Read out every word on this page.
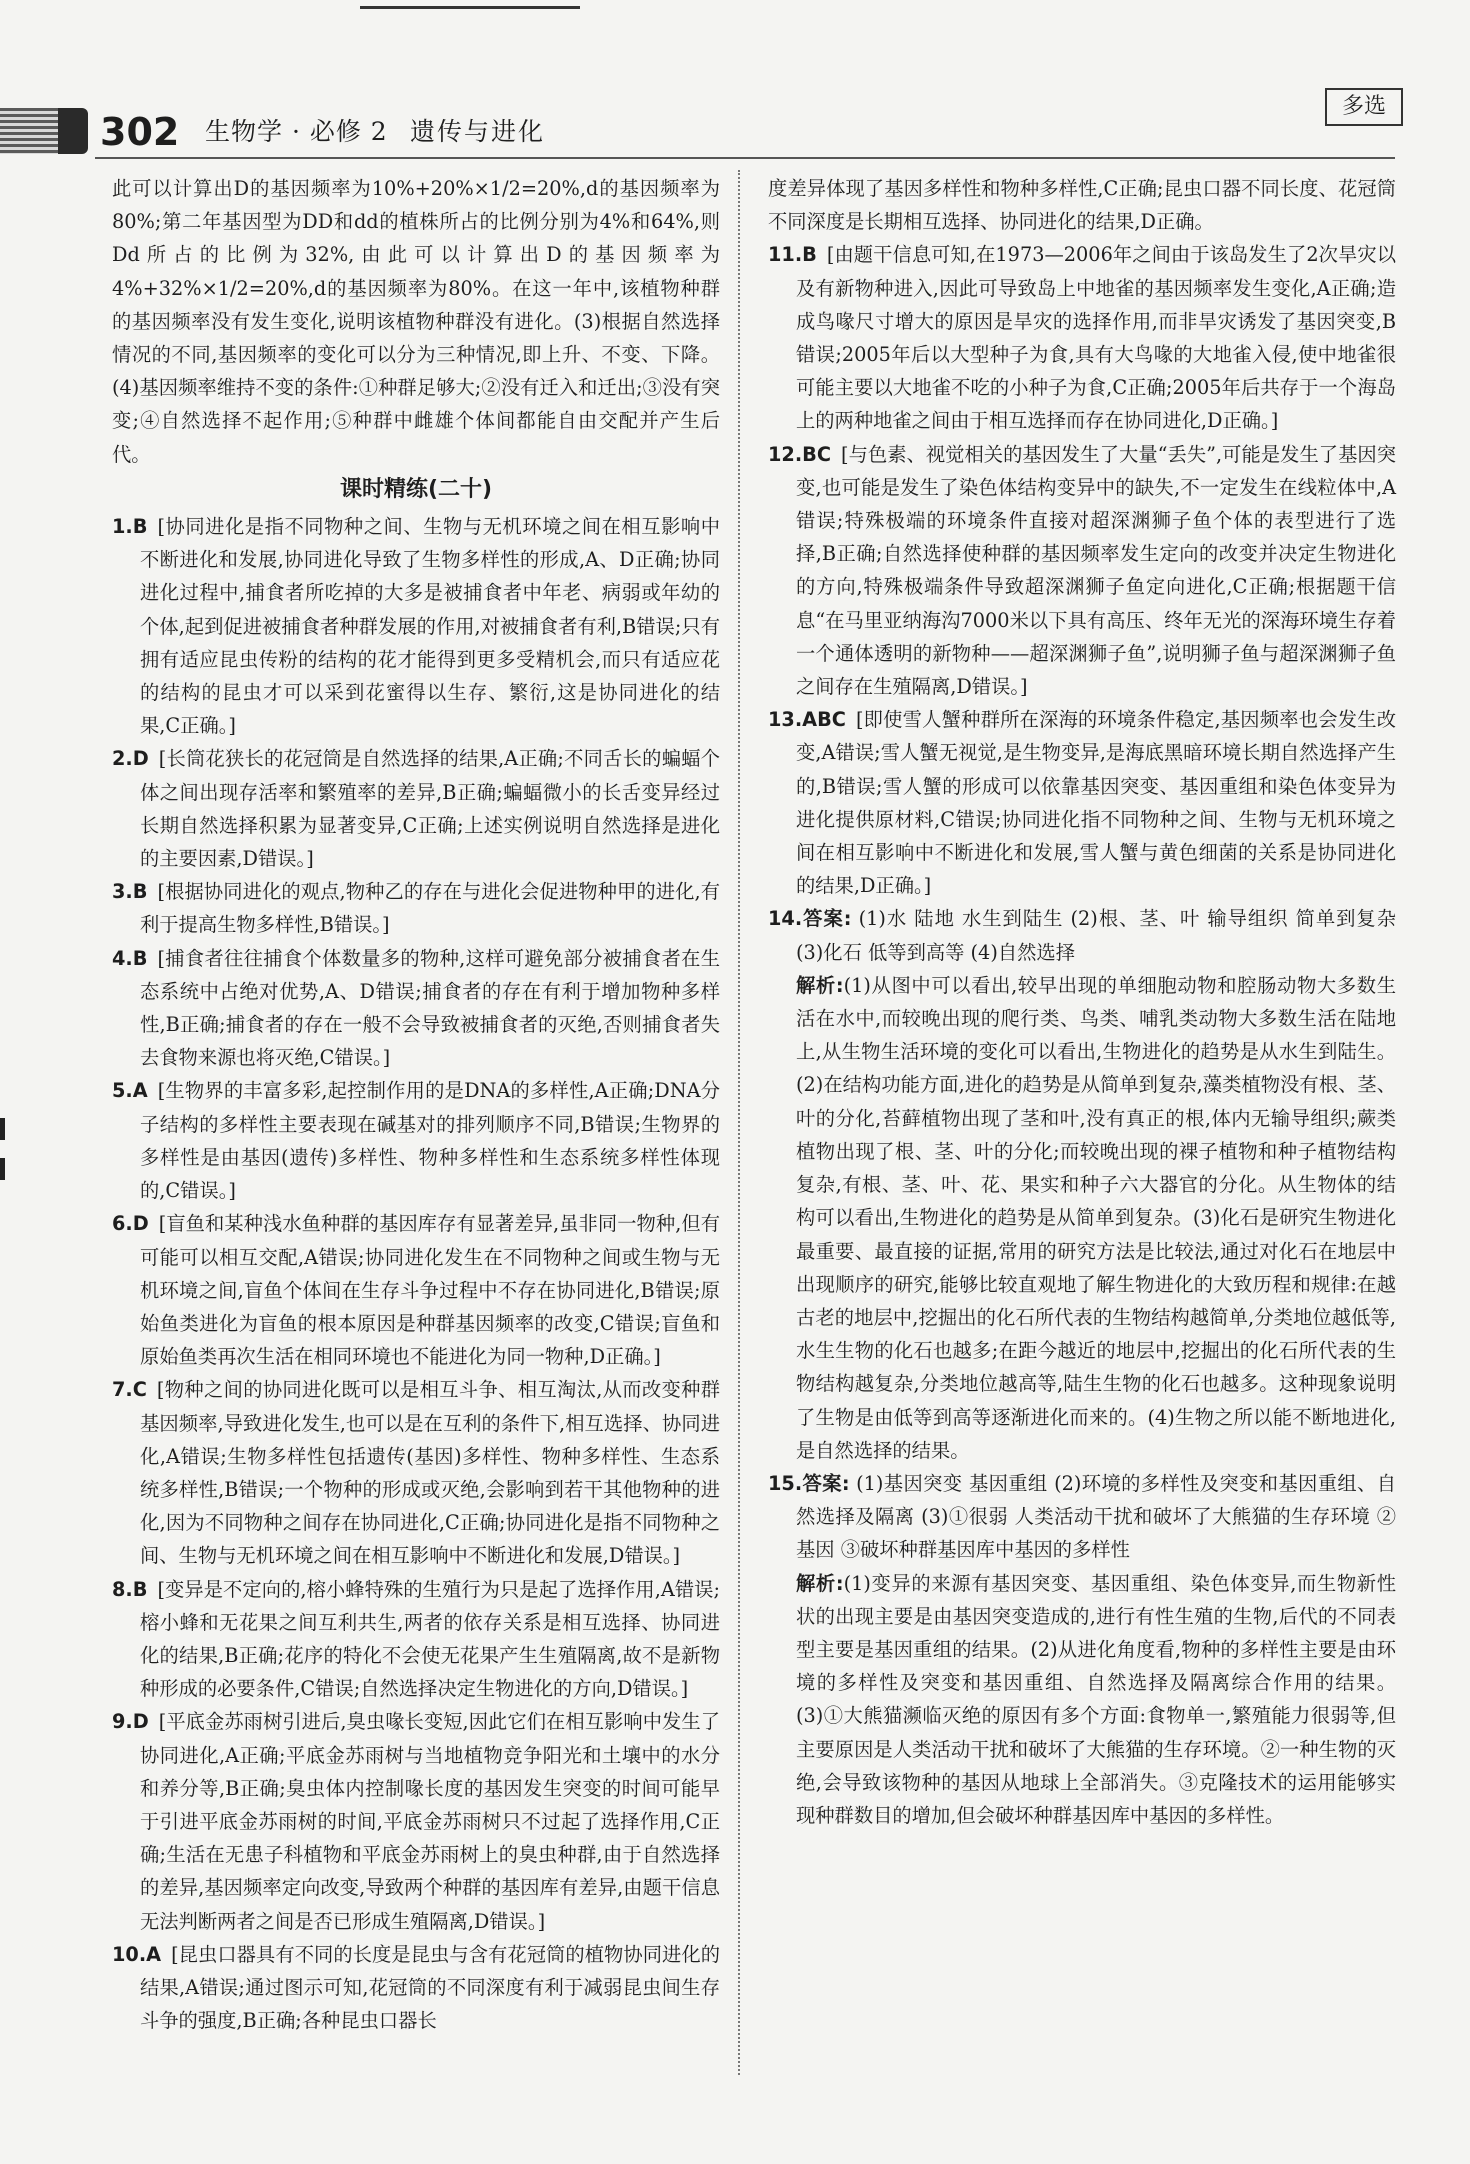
302 生物学 · 必修 2 遗传与进化
多选

此可以计算出D的基因频率为10%+20%×1/2=20%,d的基因频率为80%;第二年基因型为DD和dd的植株所占的比例分别为4%和64%,则Dd所占的比例为32%,由此可以计算出D的基因频率为4%+32%×1/2=20%,d的基因频率为80%。在这一年中,该植物种群的基因频率没有发生变化,说明该植物种群没有进化。(3)根据自然选择情况的不同,基因频率的变化可以分为三种情况,即上升、不变、下降。(4)基因频率维持不变的条件:①种群足够大;②没有迁入和迁出;③没有突变;④自然选择不起作用;⑤种群中雌雄个体间都能自由交配并产生后代。

课时精练(二十)

1.B [协同进化是指不同物种之间、生物与无机环境之间在相互影响中不断进化和发展,协同进化导致了生物多样性的形成,A、D正确;协同进化过程中,捕食者所吃掉的大多是被捕食者中年老、病弱或年幼的个体,起到促进被捕食者种群发展的作用,对被捕食者有利,B错误;只有拥有适应昆虫传粉的结构的花才能得到更多受精机会,而只有适应花的结构的昆虫才可以采到花蜜得以生存、繁衍,这是协同进化的结果,C正确。]

2.D [长筒花狭长的花冠筒是自然选择的结果,A正确;不同舌长的蝙蝠个体之间出现存活率和繁殖率的差异,B正确;蝙蝠微小的长舌变异经过长期自然选择积累为显著变异,C正确;上述实例说明自然选择是进化的主要因素,D错误。]

3.B [根据协同进化的观点,物种乙的存在与进化会促进物种甲的进化,有利于提高生物多样性,B错误。]

4.B [捕食者往往捕食个体数量多的物种,这样可避免部分被捕食者在生态系统中占绝对优势,A、D错误;捕食者的存在有利于增加物种多样性,B正确;捕食者的存在一般不会导致被捕食者的灭绝,否则捕食者失去食物来源也将灭绝,C错误。]

5.A [生物界的丰富多彩,起控制作用的是DNA的多样性,A正确;DNA分子结构的多样性主要表现在碱基对的排列顺序不同,B错误;生物界的多样性是由基因(遗传)多样性、物种多样性和生态系统多样性体现的,C错误。]

6.D [盲鱼和某种浅水鱼种群的基因库存有显著差异,虽非同一物种,但有可能可以相互交配,A错误;协同进化发生在不同物种之间或生物与无机环境之间,盲鱼个体间在生存斗争过程中不存在协同进化,B错误;原始鱼类进化为盲鱼的根本原因是种群基因频率的改变,C错误;盲鱼和原始鱼类再次生活在相同环境也不能进化为同一物种,D正确。]

7.C [物种之间的协同进化既可以是相互斗争、相互淘汰,从而改变种群基因频率,导致进化发生,也可以是在互利的条件下,相互选择、协同进化,A错误;生物多样性包括遗传(基因)多样性、物种多样性、生态系统多样性,B错误;一个物种的形成或灭绝,会影响到若干其他物种的进化,因为不同物种之间存在协同进化,C正确;协同进化是指不同物种之间、生物与无机环境之间在相互影响中不断进化和发展,D错误。]

8.B [变异是不定向的,榕小蜂特殊的生殖行为只是起了选择作用,A错误;榕小蜂和无花果之间互利共生,两者的依存关系是相互选择、协同进化的结果,B正确;花序的特化不会使无花果产生生殖隔离,故不是新物种形成的必要条件,C错误;自然选择决定生物进化的方向,D错误。]

9.D [平底金苏雨树引进后,臭虫喙长变短,因此它们在相互影响中发生了协同进化,A正确;平底金苏雨树与当地植物竞争阳光和土壤中的水分和养分等,B正确;臭虫体内控制喙长度的基因发生突变的时间可能早于引进平底金苏雨树的时间,平底金苏雨树只不过起了选择作用,C正确;生活在无患子科植物和平底金苏雨树上的臭虫种群,由于自然选择的差异,基因频率定向改变,导致两个种群的基因库有差异,由题干信息无法判断两者之间是否已形成生殖隔离,D错误。]

10.A [昆虫口器具有不同的长度是昆虫与含有花冠筒的植物协同进化的结果,A错误;通过图示可知,花冠筒的不同深度有利于减弱昆虫间生存斗争的强度,B正确;各种昆虫口器长

度差异体现了基因多样性和物种多样性,C正确;昆虫口器不同长度、花冠筒不同深度是长期相互选择、协同进化的结果,D正确。

11.B [由题干信息可知,在1973—2006年之间由于该岛发生了2次旱灾以及有新物种进入,因此可导致岛上中地雀的基因频率发生变化,A正确;造成鸟喙尺寸增大的原因是旱灾的选择作用,而非旱灾诱发了基因突变,B错误;2005年后以大型种子为食,具有大鸟喙的大地雀入侵,使中地雀很可能主要以大地雀不吃的小种子为食,C正确;2005年后共存于一个海岛上的两种地雀之间由于相互选择而存在协同进化,D正确。]

12.BC [与色素、视觉相关的基因发生了大量“丢失”,可能是发生了基因突变,也可能是发生了染色体结构变异中的缺失,不一定发生在线粒体中,A错误;特殊极端的环境条件直接对超深渊狮子鱼个体的表型进行了选择,B正确;自然选择使种群的基因频率发生定向的改变并决定生物进化的方向,特殊极端条件导致超深渊狮子鱼定向进化,C正确;根据题干信息“在马里亚纳海沟7000米以下具有高压、终年无光的深海环境生存着一个通体透明的新物种——超深渊狮子鱼”,说明狮子鱼与超深渊狮子鱼之间存在生殖隔离,D错误。]

13.ABC [即使雪人蟹种群所在深海的环境条件稳定,基因频率也会发生改变,A错误;雪人蟹无视觉,是生物变异,是海底黑暗环境长期自然选择产生的,B错误;雪人蟹的形成可以依靠基因突变、基因重组和染色体变异为进化提供原材料,C错误;协同进化指不同物种之间、生物与无机环境之间在相互影响中不断进化和发展,雪人蟹与黄色细菌的关系是协同进化的结果,D正确。]

14.答案: (1)水 陆地 水生到陆生 (2)根、茎、叶 输导组织 简单到复杂 (3)化石 低等到高等 (4)自然选择

解析:(1)从图中可以看出,较早出现的单细胞动物和腔肠动物大多数生活在水中,而较晚出现的爬行类、鸟类、哺乳类动物大多数生活在陆地上,从生物生活环境的变化可以看出,生物进化的趋势是从水生到陆生。(2)在结构功能方面,进化的趋势是从简单到复杂,藻类植物没有根、茎、叶的分化,苔藓植物出现了茎和叶,没有真正的根,体内无输导组织;蕨类植物出现了根、茎、叶的分化;而较晚出现的裸子植物和种子植物结构复杂,有根、茎、叶、花、果实和种子六大器官的分化。从生物体的结构可以看出,生物进化的趋势是从简单到复杂。(3)化石是研究生物进化最重要、最直接的证据,常用的研究方法是比较法,通过对化石在地层中出现顺序的研究,能够比较直观地了解生物进化的大致历程和规律:在越古老的地层中,挖掘出的化石所代表的生物结构越简单,分类地位越低等,水生生物的化石也越多;在距今越近的地层中,挖掘出的化石所代表的生物结构越复杂,分类地位越高等,陆生生物的化石也越多。这种现象说明了生物是由低等到高等逐渐进化而来的。(4)生物之所以能不断地进化,是自然选择的结果。

15.答案: (1)基因突变 基因重组 (2)环境的多样性及突变和基因重组、自然选择及隔离 (3)①很弱 人类活动干扰和破坏了大熊猫的生存环境 ②基因 ③破坏种群基因库中基因的多样性

解析:(1)变异的来源有基因突变、基因重组、染色体变异,而生物新性状的出现主要是由基因突变造成的,进行有性生殖的生物,后代的不同表型主要是基因重组的结果。(2)从进化角度看,物种的多样性主要是由环境的多样性及突变和基因重组、自然选择及隔离综合作用的结果。(3)①大熊猫濒临灭绝的原因有多个方面:食物单一,繁殖能力很弱等,但主要原因是人类活动干扰和破坏了大熊猫的生存环境。②一种生物的灭绝,会导致该物种的基因从地球上全部消失。③克隆技术的运用能够实现种群数目的增加,但会破坏种群基因库中基因的多样性。
